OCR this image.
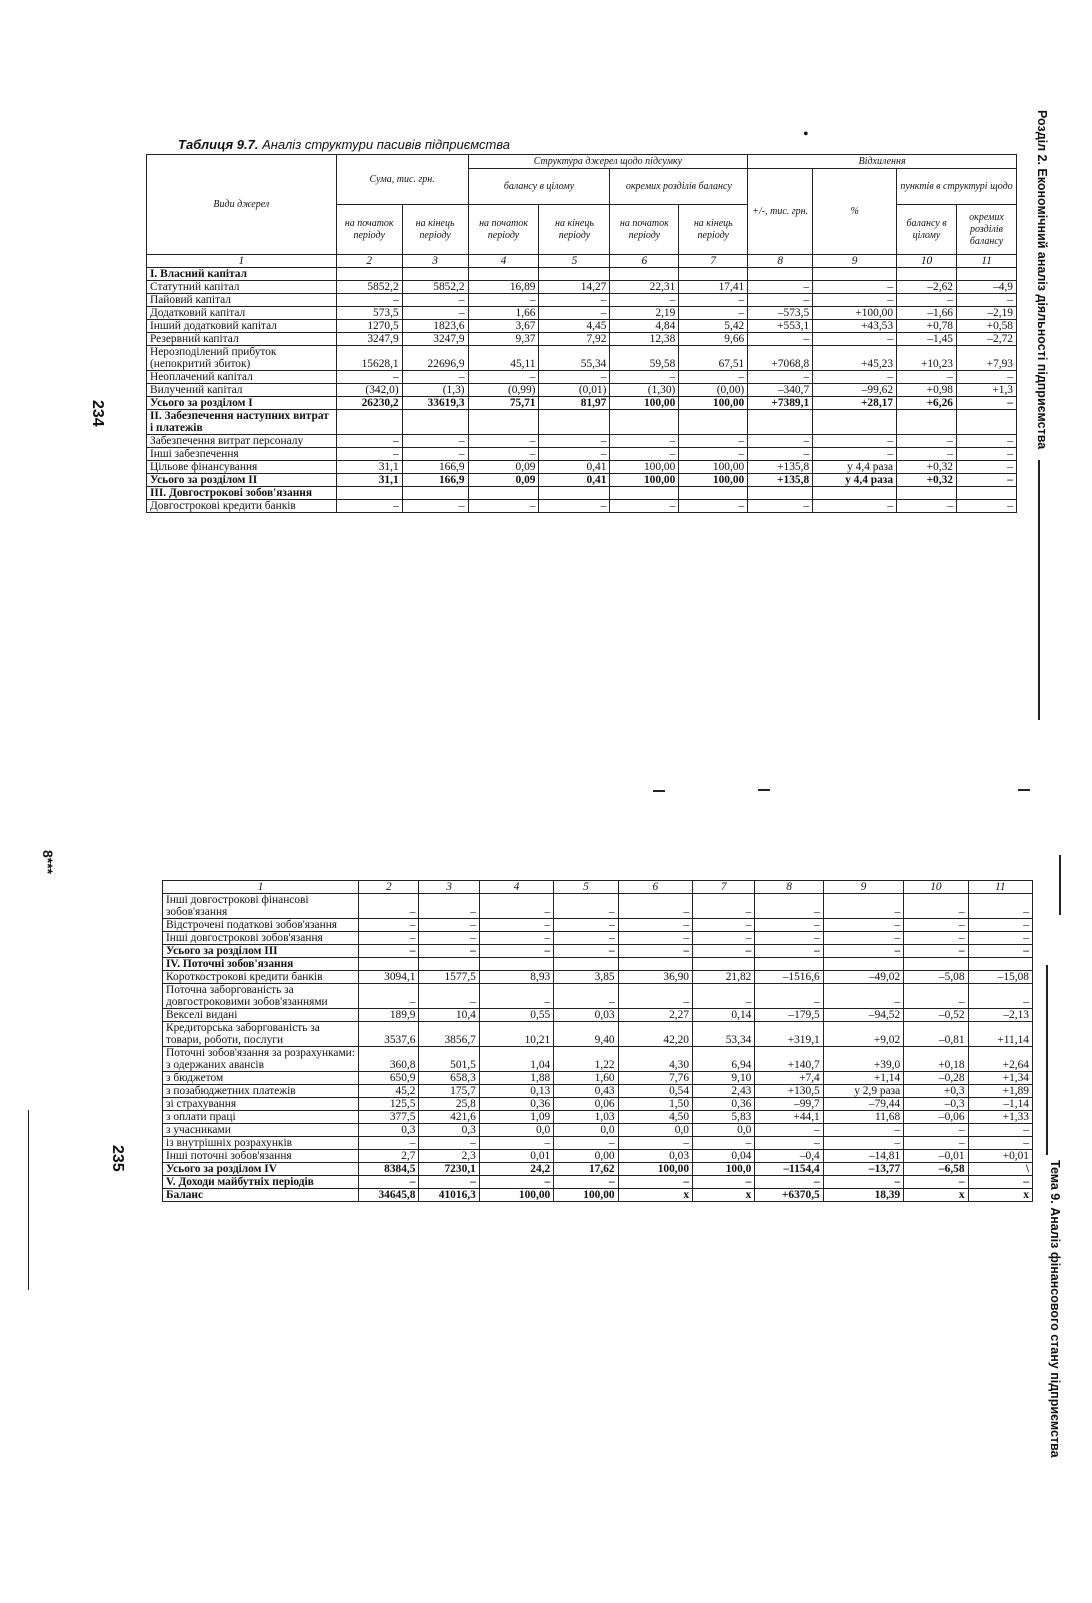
Таблиця 9.7. Аналіз структури пасивів підприємства
•
Види джерел	Сума, тис. грн.		Структура джерел щодо підсумку				Відхилення			
			балансу в цілому		окремих розділів балансу		+/-, тис. грн.	%	пунктів в структурі щодо	
	на початок періоду	на кінець періоду	на початок періоду	на кінець періоду	на початок періоду	на кінець періоду			балансу в цілому	окремих розділів балансу
1	2	3	4	5	6	7	8	9	10	11
І. Власний капітал										
Статутний капітал	5852,2	5852,2	16,89	14,27	22,31	17,41	–	–	–2,62	–4,9
Пайовий капітал	–	–	–	–	–	–	–	–	–	–
Додатковий капітал	573,5	–	1,66	–	2,19	–	–573,5	+100,00	–1,66	–2,19
Інший додатковий капітал	1270,5	1823,6	3,67	4,45	4,84	5,42	+553,1	+43,53	+0,78	+0,58
Резервний капітал	3247,9	3247,9	9,37	7,92	12,38	9,66	–	–	–1,45	–2,72
Нерозподілений прибуток (непокритий збиток)	15628,1	22696,9	45,11	55,34	59,58	67,51	+7068,8	+45,23	+10,23	+7,93
Неоплачений капітал	–	–	–	–	–	–	–	–	–	–
Вилучений капітал	(342,0)	(1,3)	(0,99)	(0,01)	(1,30)	(0,00)	–340,7	–99,62	+0,98	+1,3
Усього за розділом І	26230,2	33619,3	75,71	81,97	100,00	100,00	+7389,1	+28,17	+6,26	–
ІІ. Забезпечення наступних витрат і платежів										
Забезпечення витрат персоналу	–	–	–	–	–	–	–	–	–	–
Інші забезпечення	–	–	–	–	–	–	–	–	–	–
Цільове фінансування	31,1	166,9	0,09	0,41	100,00	100,00	+135,8	у 4,4 раза	+0,32	–
Усього за розділом ІІ	31,1	166,9	0,09	0,41	100,00	100,00	+135,8	у 4,4 раза	+0,32	–
ІІІ. Довгострокові зобов'язання										
Довгострокові кредити банків	–	–	–	–	–	–	–	–	–	–
1	2	3	4	5	6	7	8	9	10	11
Інші довгострокові фінансові зобов'язання	–	–	–	–	–	–	–	–	–	–
Відстрочені податкові зобов'язання	–	–	–	–	–	–	–	–	–	–
Інші довгострокові зобов'язання	–	–	–	–	–	–	–	–	–	–
Усього за розділом ІІІ	–	–	–	–	–	–	–	–	–	–
IV. Поточні зобов'язання										
Короткострокові кредити банків	3094,1	1577,5	8,93	3,85	36,90	21,82	–1516,6	–49,02	–5,08	–15,08
Поточна заборгованість за довгостроковими зобов'язаннями	–	–	–	–	–	–	–	–	–	–
Векселі видані	189,9	10,4	0,55	0,03	2,27	0,14	–179,5	–94,52	–0,52	–2,13
Кредиторська заборгованість за товари, роботи, послуги	3537,6	3856,7	10,21	9,40	42,20	53,34	+319,1	+9,02	–0,81	+11,14
Поточні зобов'язання за розрахунками: з одержаних авансів	360,8	501,5	1,04	1,22	4,30	6,94	+140,7	+39,0	+0,18	+2,64
з бюджетом	650,9	658,3	1,88	1,60	7,76	9,10	+7,4	+1,14	–0,28	+1,34
з позабюджетних платежів	45,2	175,7	0,13	0,43	0,54	2,43	+130,5	у 2,9 раза	+0,3	+1,89
зі страхування	125,5	25,8	0,36	0,06	1,50	0,36	–99,7	–79,44	–0,3	–1,14
з оплати праці	377,5	421,6	1,09	1,03	4,50	5,83	+44,1	11,68	–0,06	+1,33
з учасниками	0,3	0,3	0,0	0,0	0,0	0,0	–	–	–	–
із внутрішніх розрахунків	–	–	–	–	–	–	–	–	–	–
Інші поточні зобов'язання	2,7	2,3	0,01	0,00	0,03	0,04	–0,4	–14,81	–0,01	+0,01
Усього за розділом IV	8384,5	7230,1	24,2	17,62	100,00	100,0	–1154,4	–13,77	–6,58	\
V. Доходи майбутніх періодів	–	–	–	–	–	–	–	–	–	–
Баланс	34645,8	41016,3	100,00	100,00	x	x	+6370,5	18,39	x	x
Розділ 2. Економічний аналіз діяльності підприємства
Тема 9. Аналіз фінансового стану підприємства
234
235
8***
